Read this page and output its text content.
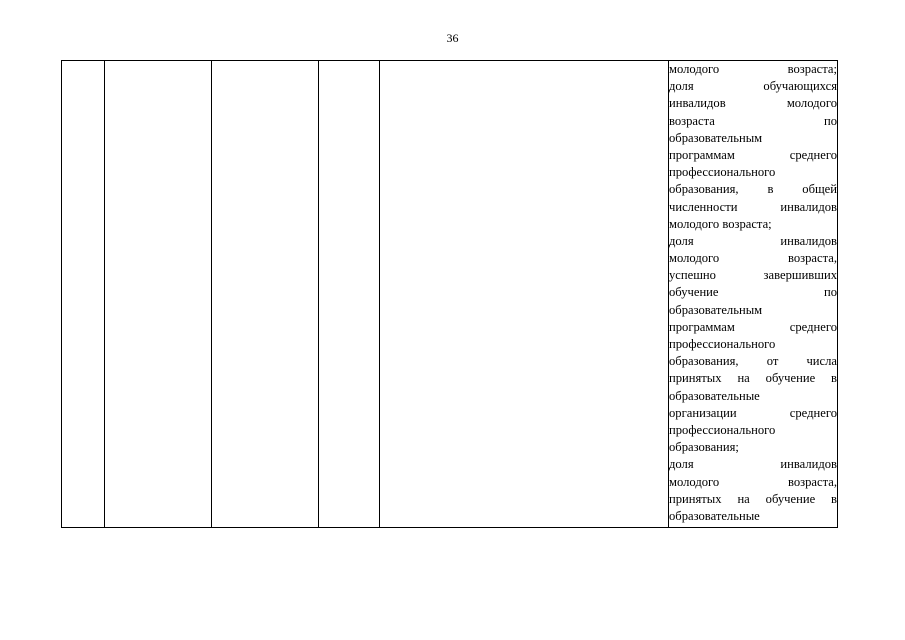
36

молодого	возраста;
доля	обучающихся
инвалидов	молодого
возраста	по
образовательным
программам	среднего
профессионального
образования, в общей
численности	инвалидов
молодого возраста;
доля	инвалидов
молодого	возраста,
успешно	завершивших
обучение	по
образовательным
программам	среднего
профессионального
образования, от числа
принятых на обучение в
образовательные
организации	среднего
профессионального
образования;
доля	инвалидов
молодого	возраста,
принятых на обучение в
образовательные
